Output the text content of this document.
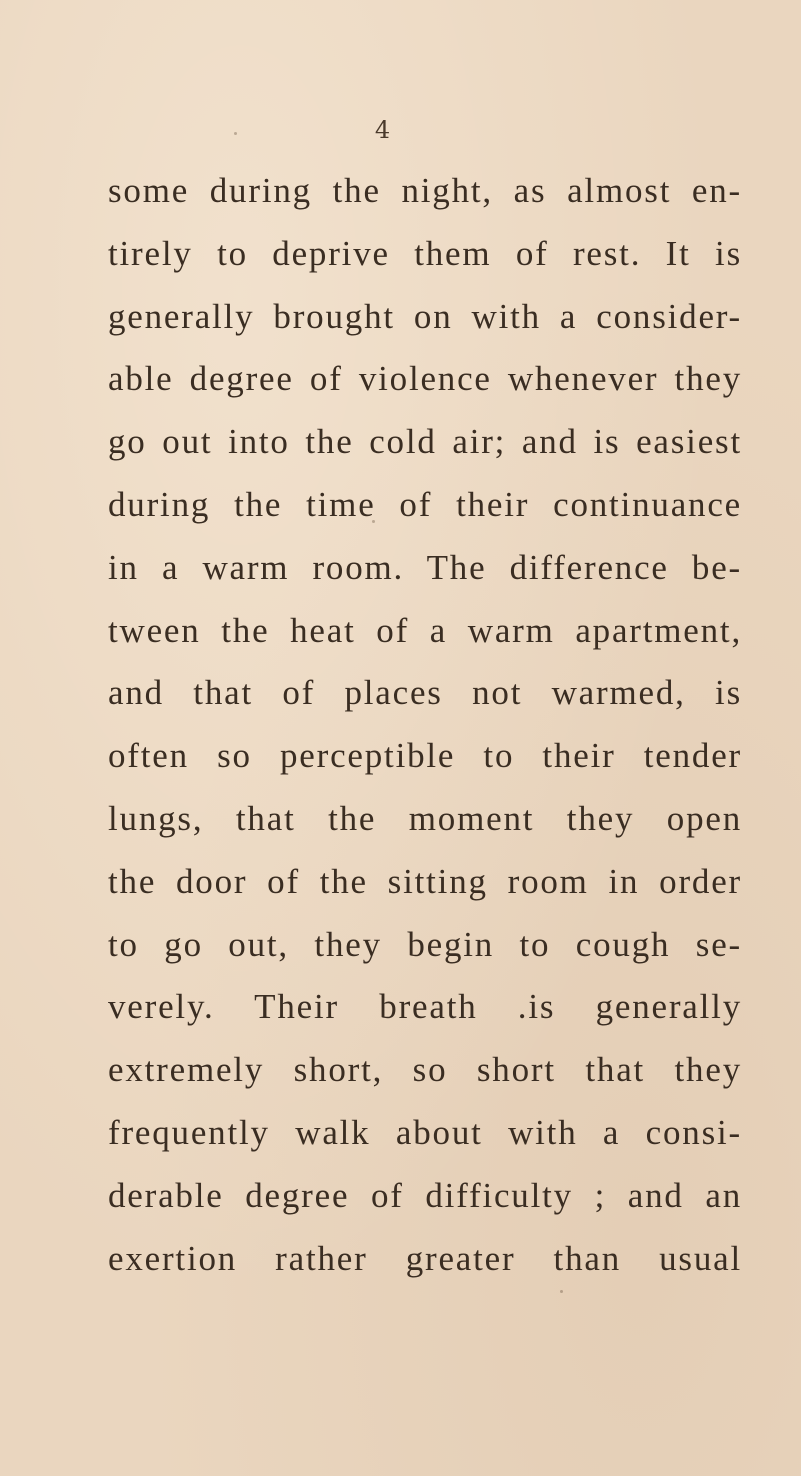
4
some during the night, as almost en-
tirely to deprive them of rest. It is
generally brought on with a consider-
able degree of violence whenever they
go out into the cold air; and is easiest
during the time of their continuance
in a warm room. The difference be-
tween the heat of a warm apartment,
and that of places not warmed, is
often so perceptible to their tender
lungs, that the moment they open
the door of the sitting room in order
to go out, they begin to cough se-
verely. Their breath .is generally
extremely short, so short that they
frequently walk about with a consi-
derable degree of difficulty ; and an
exertion rather greater than usual
